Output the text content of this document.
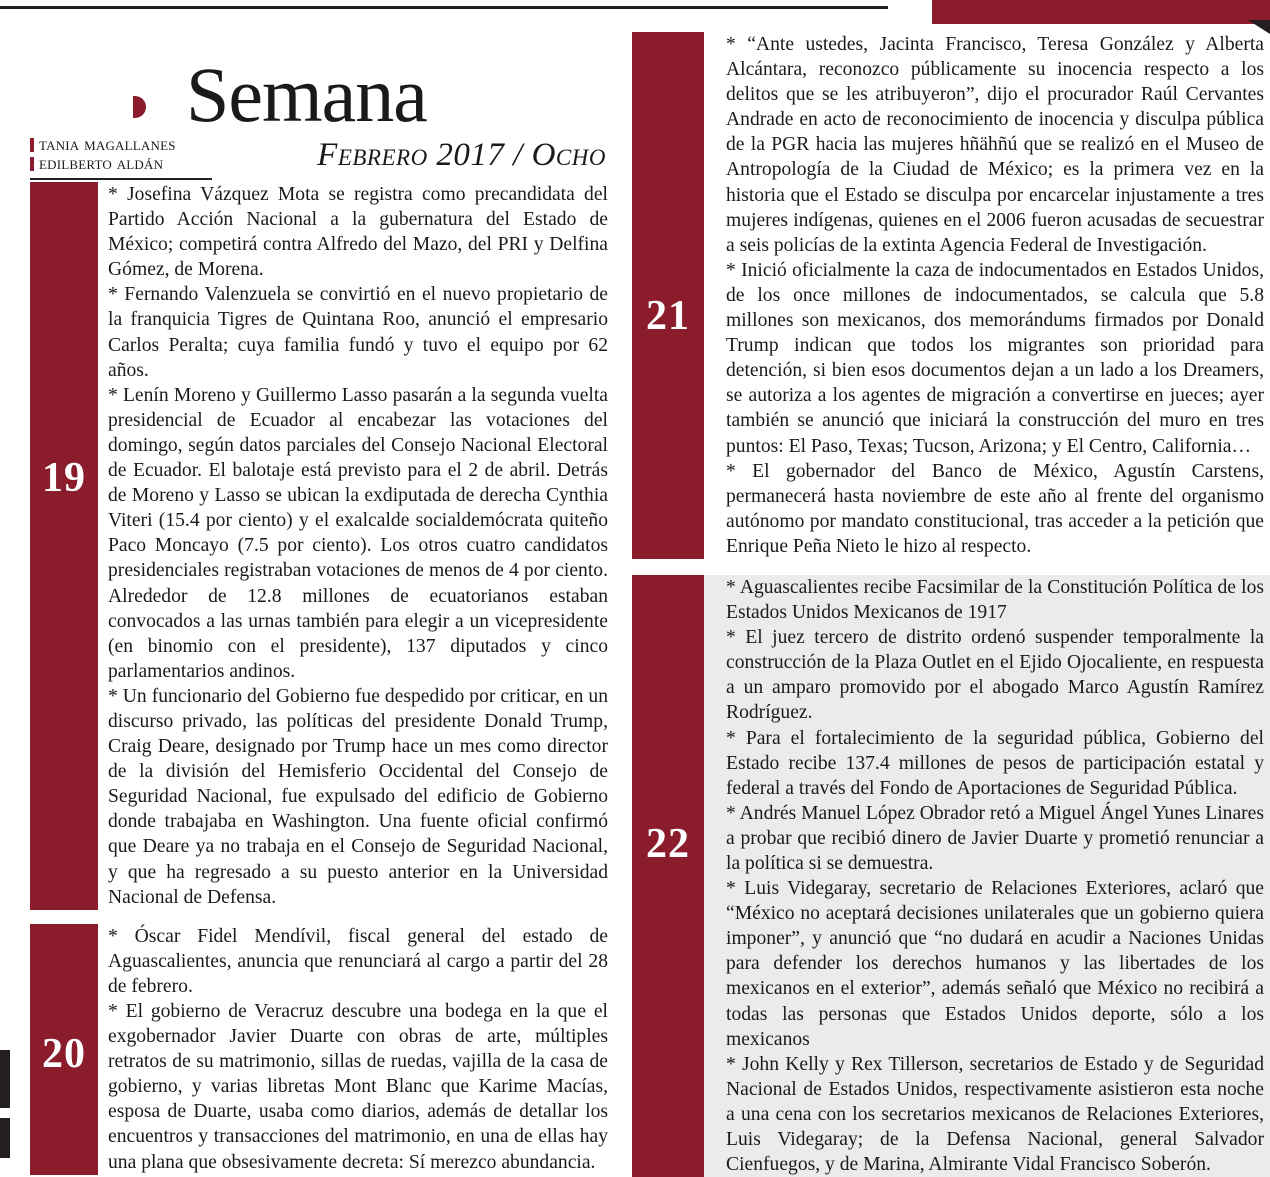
Semana
tania magallanes
edilberto aldán	Febrero 2017 / Ocho
19

* Josefina Vázquez Mota se registra como precandidata del Partido Acción Nacional a la gubernatura del Estado de México; competirá contra Alfredo del Mazo, del PRI y Delfina Gómez, de Morena.

* Fernando Valenzuela se convirtió en el nuevo propietario de la franquicia Tigres de Quintana Roo, anunció el empresario Carlos Peralta; cuya familia fundó y tuvo el equipo por 62 años.

* Lenín Moreno y Guillermo Lasso pasarán a la segunda vuelta presidencial de Ecuador al encabezar las votaciones del domingo, según datos parciales del Consejo Nacional Electoral de Ecuador. El balotaje está previsto para el 2 de abril. Detrás de Moreno y Lasso se ubican la exdiputada de derecha Cynthia Viteri (15.4 por ciento) y el exalcalde socialdemócrata quiteño Paco Moncayo (7.5 por ciento). Los otros cuatro candidatos presidenciales registraban votaciones de menos de 4 por ciento. Alrededor de 12.8 millones de ecuatorianos estaban convocados a las urnas también para elegir a un vicepresidente (en binomio con el presidente), 137 diputados y cinco parlamentarios andinos.

* Un funcionario del Gobierno fue despedido por criticar, en un discurso privado, las políticas del presidente Donald Trump, Craig Deare, designado por Trump hace un mes como director de la división del Hemisferio Occidental del Consejo de Seguridad Nacional, fue expulsado del edificio de Gobierno donde trabajaba en Washington. Una fuente oficial confirmó que Deare ya no trabaja en el Consejo de Seguridad Nacional, y que ha regresado a su puesto anterior en la Universidad Nacional de Defensa.

20

* Óscar Fidel Mendívil, fiscal general del estado de Aguascalientes, anuncia que renunciará al cargo a partir del 28 de febrero.

* El gobierno de Veracruz descubre una bodega en la que el exgobernador Javier Duarte con obras de arte, múltiples retratos de su matrimonio, sillas de ruedas, vajilla de la casa de gobierno, y varias libretas Mont Blanc que Karime Macías, esposa de Duarte, usaba como diarios, además de detallar los encuentros y transacciones del matrimonio, en una de ellas hay una plana que obsesivamente decreta: Sí merezco abundancia.

21

* “Ante ustedes, Jacinta Francisco, Teresa González y Alberta Alcántara, reconozco públicamente su inocencia respecto a los delitos que se les atribuyeron”, dijo el procurador Raúl Cervantes Andrade en acto de reconocimiento de inocencia y disculpa pública de la PGR hacia las mujeres hñähñú que se realizó en el Museo de Antropología de la Ciudad de México; es la primera vez en la historia que el Estado se disculpa por encarcelar injustamente a tres mujeres indígenas, quienes en el 2006 fueron acusadas de secuestrar a seis policías de la extinta Agencia Federal de Investigación.

* Inició oficialmente la caza de indocumentados en Estados Unidos, de los once millones de indocumentados, se calcula que 5.8 millones son mexicanos, dos memorándums firmados por Donald Trump indican que todos los migrantes son prioridad para detención, si bien esos documentos dejan a un lado a los Dreamers, se autoriza a los agentes de migración a convertirse en jueces; ayer también se anunció que iniciará la construcción del muro en tres puntos: El Paso, Texas; Tucson, Arizona; y El Centro, California…

* El gobernador del Banco de México, Agustín Carstens, permanecerá hasta noviembre de este año al frente del organismo autónomo por mandato constitucional, tras acceder a la petición que Enrique Peña Nieto le hizo al respecto.

22

* Aguascalientes recibe Facsimilar de la Constitución Política de los Estados Unidos Mexicanos de 1917

* El juez tercero de distrito ordenó suspender temporalmente la construcción de la Plaza Outlet en el Ejido Ojocaliente, en respuesta a un amparo promovido por el abogado Marco Agustín Ramírez Rodríguez.

* Para el fortalecimiento de la seguridad pública, Gobierno del Estado recibe 137.4 millones de pesos de participación estatal y federal a través del Fondo de Aportaciones de Seguridad Pública.

* Andrés Manuel López Obrador retó a Miguel Ángel Yunes Linares a probar que recibió dinero de Javier Duarte y prometió renunciar a la política si se demuestra.

* Luis Videgaray, secretario de Relaciones Exteriores, aclaró que “México no aceptará decisiones unilaterales que un gobierno quiera imponer”, y anunció que “no dudará en acudir a Naciones Unidas para defender los derechos humanos y las libertades de los mexicanos en el exterior”, además señaló que México no recibirá a todas las personas que Estados Unidos deporte, sólo a los mexicanos

* John Kelly y Rex Tillerson, secretarios de Estado y de Seguridad Nacional de Estados Unidos, respectivamente asistieron esta noche a una cena con los secretarios mexicanos de Relaciones Exteriores, Luis Videgaray; de la Defensa Nacional, general Salvador Cienfuegos, y de Marina, Almirante Vidal Francisco Soberón.
